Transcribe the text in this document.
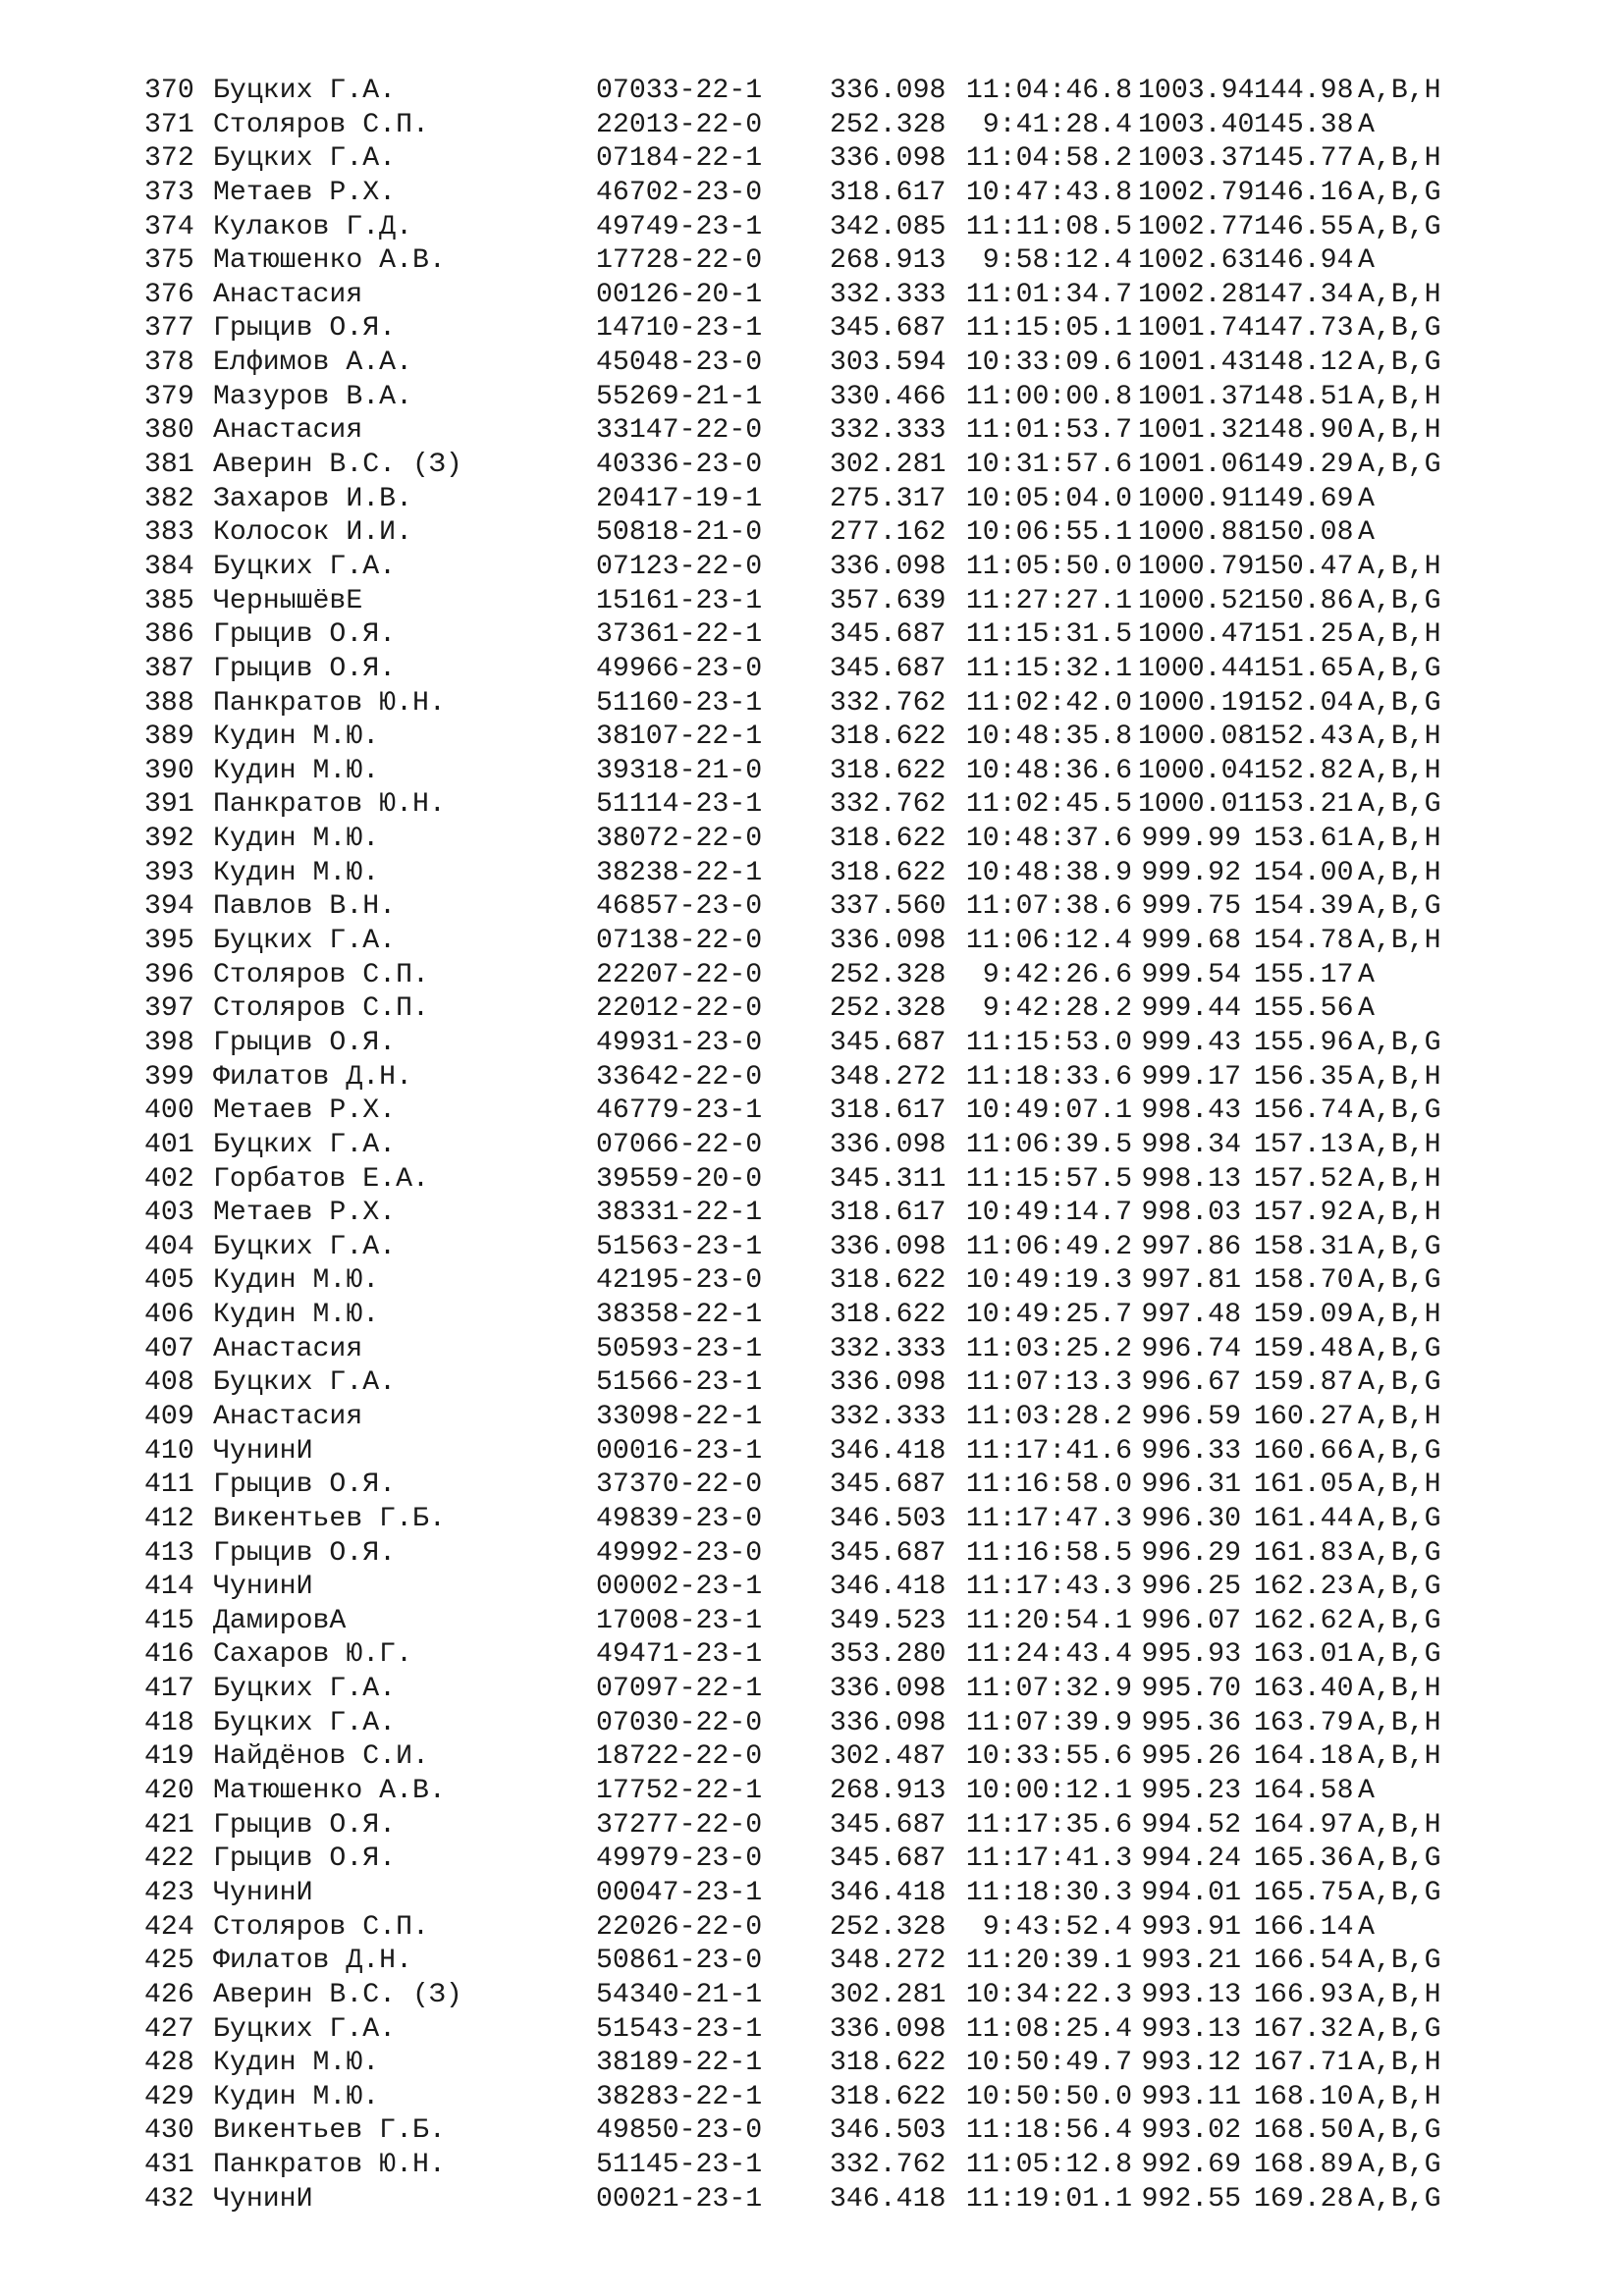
370 Буцких Г.А.	07033-22-1 336.098 11:04:46.8 1003.94144.98 A,B,H
371 Столяров С.П.	22013-22-0 252.328 9:41:28.4 1003.40145.38 A
372 Буцких Г.А.	07184-22-1 336.098 11:04:58.2 1003.37145.77 A,B,H
373 Метаев Р.Х.	46702-23-0 318.617 10:47:43.8 1002.79146.16 A,B,G
374 Кулаков Г.Д.	49749-23-1 342.085 11:11:08.5 1002.77146.55 A,B,G
375 Матюшенко А.В.	17728-22-0 268.913 9:58:12.4 1002.63146.94 A
376 Анастасия	00126-20-1 332.333 11:01:34.7 1002.28147.34 A,B,H
377 Грыцив О.Я.	14710-23-1 345.687 11:15:05.1 1001.74147.73 A,B,G
378 Елфимов А.А.	45048-23-0 303.594 10:33:09.6 1001.43148.12 A,B,G
379 Мазуров В.А.	55269-21-1 330.466 11:00:00.8 1001.37148.51 A,B,H
380 Анастасия	33147-22-0 332.333 11:01:53.7 1001.32148.90 A,B,H
381 Аверин В.С. (З)	40336-23-0 302.281 10:31:57.6 1001.06149.29 A,B,G
382 Захаров И.В.	20417-19-1 275.317 10:05:04.0 1000.91149.69 A
383 Колосок И.И.	50818-21-0 277.162 10:06:55.1 1000.88150.08 A
384 Буцких Г.А.	07123-22-0 336.098 11:05:50.0 1000.79150.47 A,B,H
385 ЧернышёвЕ	15161-23-1 357.639 11:27:27.1 1000.52150.86 A,B,G
386 Грыцив О.Я.	37361-22-1 345.687 11:15:31.5 1000.47151.25 A,B,H
387 Грыцив О.Я.	49966-23-0 345.687 11:15:32.1 1000.44151.65 A,B,G
388 Панкратов Ю.Н.	51160-23-1 332.762 11:02:42.0 1000.19152.04 A,B,G
389 Кудин М.Ю.	38107-22-1 318.622 10:48:35.8 1000.08152.43 A,B,H
390 Кудин М.Ю.	39318-21-0 318.622 10:48:36.6 1000.04152.82 A,B,H
391 Панкратов Ю.Н.	51114-23-1 332.762 11:02:45.5 1000.01153.21 A,B,G
392 Кудин М.Ю.	38072-22-0 318.622 10:48:37.6 999.99 153.61 A,B,H
393 Кудин М.Ю.	38238-22-1 318.622 10:48:38.9 999.92 154.00 A,B,H
394 Павлов В.Н.	46857-23-0 337.560 11:07:38.6 999.75 154.39 A,B,G
395 Буцких Г.А.	07138-22-0 336.098 11:06:12.4 999.68 154.78 A,B,H
396 Столяров С.П.	22207-22-0 252.328 9:42:26.6 999.54 155.17 A
397 Столяров С.П.	22012-22-0 252.328 9:42:28.2 999.44 155.56 A
398 Грыцив О.Я.	49931-23-0 345.687 11:15:53.0 999.43 155.96 A,B,G
399 Филатов Д.Н.	33642-22-0 348.272 11:18:33.6 999.17 156.35 A,B,H
400 Метаев Р.Х.	46779-23-1 318.617 10:49:07.1 998.43 156.74 A,B,G
401 Буцких Г.А.	07066-22-0 336.098 11:06:39.5 998.34 157.13 A,B,H
402 Горбатов Е.А.	39559-20-0 345.311 11:15:57.5 998.13 157.52 A,B,H
403 Метаев Р.Х.	38331-22-1 318.617 10:49:14.7 998.03 157.92 A,B,H
404 Буцких Г.А.	51563-23-1 336.098 11:06:49.2 997.86 158.31 A,B,G
405 Кудин М.Ю.	42195-23-0 318.622 10:49:19.3 997.81 158.70 A,B,G
406 Кудин М.Ю.	38358-22-1 318.622 10:49:25.7 997.48 159.09 A,B,H
407 Анастасия	50593-23-1 332.333 11:03:25.2 996.74 159.48 A,B,G
408 Буцких Г.А.	51566-23-1 336.098 11:07:13.3 996.67 159.87 A,B,G
409 Анастасия	33098-22-1 332.333 11:03:28.2 996.59 160.27 A,B,H
410 ЧунинИ	00016-23-1 346.418 11:17:41.6 996.33 160.66 A,B,G
411 Грыцив О.Я.	37370-22-0 345.687 11:16:58.0 996.31 161.05 A,B,H
412 Викентьев Г.Б.	49839-23-0 346.503 11:17:47.3 996.30 161.44 A,B,G
413 Грыцив О.Я.	49992-23-0 345.687 11:16:58.5 996.29 161.83 A,B,G
414 ЧунинИ	00002-23-1 346.418 11:17:43.3 996.25 162.23 A,B,G
415 ДамировА	17008-23-1 349.523 11:20:54.1 996.07 162.62 A,B,G
416 Сахаров Ю.Г.	49471-23-1 353.280 11:24:43.4 995.93 163.01 A,B,G
417 Буцких Г.А.	07097-22-1 336.098 11:07:32.9 995.70 163.40 A,B,H
418 Буцких Г.А.	07030-22-0 336.098 11:07:39.9 995.36 163.79 A,B,H
419 Найдёнов С.И.	18722-22-0 302.487 10:33:55.6 995.26 164.18 A,B,H
420 Матюшенко А.В.	17752-22-1 268.913 10:00:12.1 995.23 164.58 A
421 Грыцив О.Я.	37277-22-0 345.687 11:17:35.6 994.52 164.97 A,B,H
422 Грыцив О.Я.	49979-23-0 345.687 11:17:41.3 994.24 165.36 A,B,G
423 ЧунинИ	00047-23-1 346.418 11:18:30.3 994.01 165.75 A,B,G
424 Столяров С.П.	22026-22-0 252.328 9:43:52.4 993.91 166.14 A
425 Филатов Д.Н.	50861-23-0 348.272 11:20:39.1 993.21 166.54 A,B,G
426 Аверин В.С. (З)	54340-21-1 302.281 10:34:22.3 993.13 166.93 A,B,H
427 Буцких Г.А.	51543-23-1 336.098 11:08:25.4 993.13 167.32 A,B,G
428 Кудин М.Ю.	38189-22-1 318.622 10:50:49.7 993.12 167.71 A,B,H
429 Кудин М.Ю.	38283-22-1 318.622 10:50:50.0 993.11 168.10 A,B,H
430 Викентьев Г.Б.	49850-23-0 346.503 11:18:56.4 993.02 168.50 A,B,G
431 Панкратов Ю.Н.	51145-23-1 332.762 11:05:12.8 992.69 168.89 A,B,G
432 ЧунинИ	00021-23-1 346.418 11:19:01.1 992.55 169.28 A,B,G
